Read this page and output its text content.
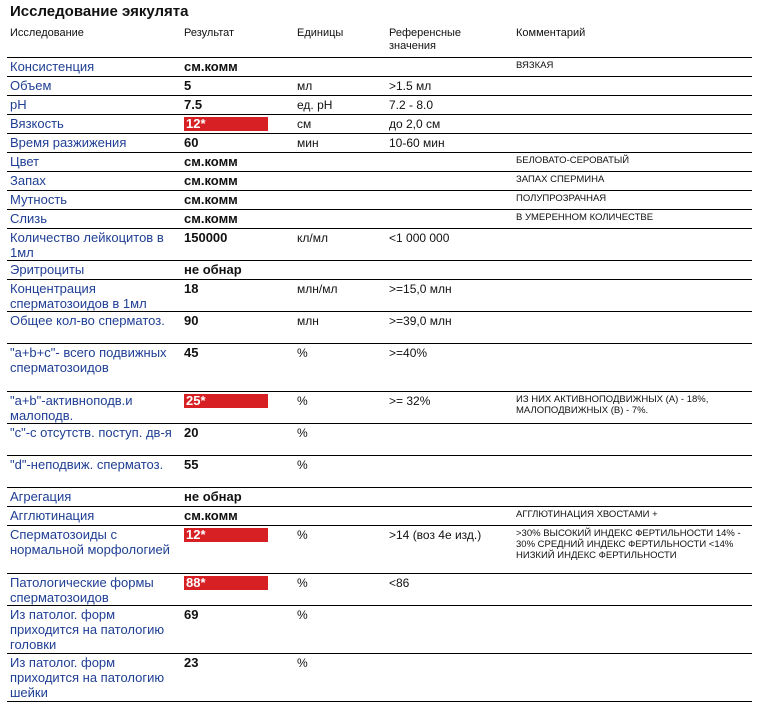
Исследование эякулята
Исследование	Результат	Единицы	Референсные значения	Комментарий
Консистенция	см.комм			ВЯЗКАЯ
Объем	5	мл	>1.5 мл	
pH	7.5	ед. pH	7.2 - 8.0	
Вязкость	12*	см	до 2,0 см	
Время разжижения	60	мин	10-60 мин	
Цвет	см.комм			БЕЛОВАТО-СЕРОВАТЫЙ
Запах	см.комм			ЗАПАХ СПЕРМИНА
Мутность	см.комм			ПОЛУПРОЗРАЧНАЯ
Слизь	см.комм			В УМЕРЕННОМ КОЛИЧЕСТВЕ
Количество лейкоцитов в 1мл	150000	кл/мл	<1 000 000	
Эритроциты	не обнар			
Концентрация сперматозоидов в 1мл	18	млн/мл	>=15,0 млн	
Общее кол-во сперматоз.	90	млн	>=39,0 млн	
"a+b+c"- всего подвижных сперматозоидов	45	%	>=40%	
"a+b"-активноподв.и малоподв.	25*	%	>= 32%	ИЗ НИХ АКТИВНОПОДВИЖНЫХ (А) - 18%, МАЛОПОДВИЖНЫХ (B) - 7%.
"c"-с отсутств. поступ. дв-я	20	%		
"d"-неподвиж. сперматоз.	55	%		
Агрегация	не обнар			
Агглютинация	см.комм			АГГЛЮТИНАЦИЯ ХВОСТАМИ +
Сперматозоиды с нормальной морфологией	12*	%	>14 (воз 4е изд.)	>30% ВЫСОКИЙ ИНДЕКС ФЕРТИЛЬНОСТИ 14% - 30% СРЕДНИЙ ИНДЕКС ФЕРТИЛЬНОСТИ <14% НИЗКИЙ ИНДЕКС ФЕРТИЛЬНОСТИ
Патологические формы сперматозоидов	88*	%	<86	
Из патолог. форм приходится на патологию головки	69	%		
Из патолог. форм приходится на патологию шейки	23	%		
